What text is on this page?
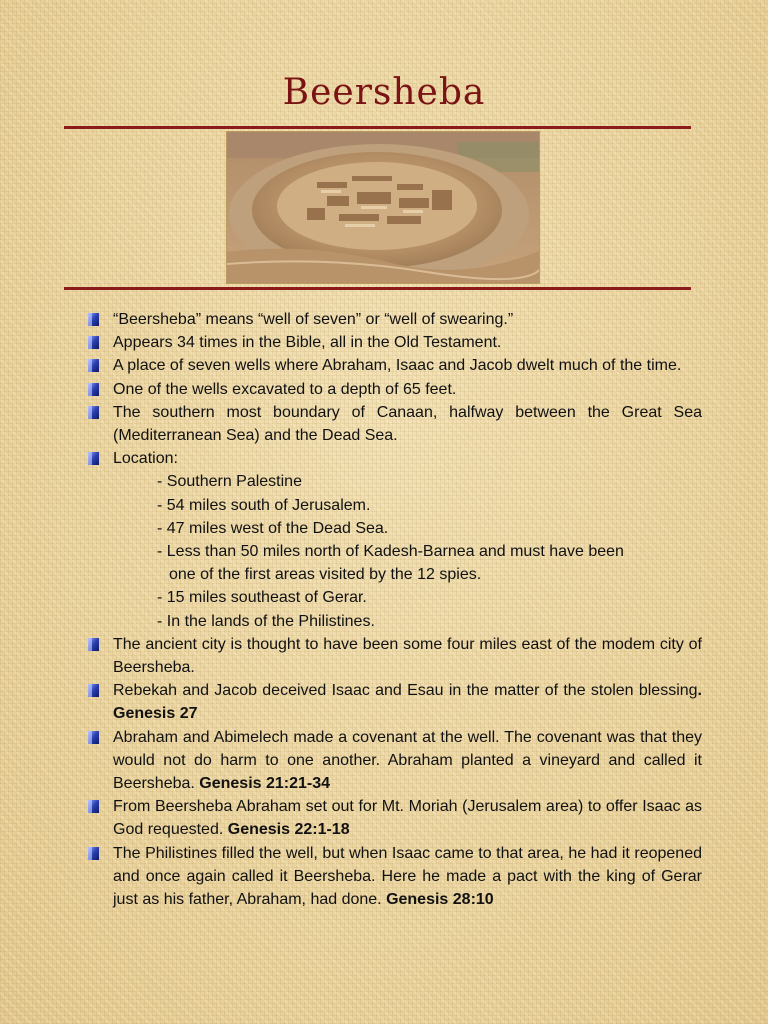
Beersheba
“Beersheba” means “well of seven” or “well of swearing.”
Appears 34 times in the Bible, all in the Old Testament.
A place of seven wells where Abraham, Isaac and Jacob dwelt much of the time.
One of the wells excavated to a depth of 65 feet.
The southern most boundary of Canaan, halfway between the Great Sea (Mediterranean Sea) and the Dead Sea.
Location:
- Southern Palestine
- 54 miles south of Jerusalem.
- 47 miles west of the Dead Sea.
- Less than 50 miles north of Kadesh-Barnea and must have been
one of the first areas visited by the 12 spies.
- 15 miles southeast of Gerar.
- In the lands of the Philistines.
The ancient city is thought to have been some four miles east of the modem city of Beersheba.
Rebekah and Jacob deceived Isaac and Esau in the matter of the stolen blessing. Genesis 27
Abraham and Abimelech made a covenant at the well. The covenant was that they would not do harm to one another. Abraham planted a vineyard and called it Beersheba. Genesis 21:21-34
From Beersheba Abraham set out for Mt. Moriah (Jerusalem area) to offer Isaac as God requested. Genesis 22:1-18
The Philistines filled the well, but when Isaac came to that area, he had it reopened and once again called it Beersheba. Here he made a pact with the king of Gerar just as his father, Abraham, had done. Genesis 28:10
